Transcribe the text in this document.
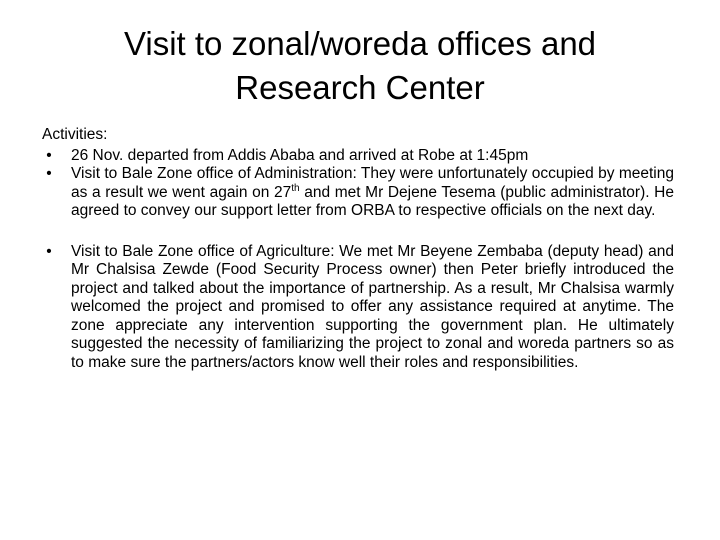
Visit to zonal/woreda offices and Research Center
Activities:
• 26 Nov. departed from Addis Ababa and arrived at Robe at 1:45pm
• Visit to Bale Zone office of Administration: They were unfortunately occupied by meeting as a result we went again on 27th and met Mr Dejene Tesema (public administrator). He agreed to convey our support letter from ORBA to respective officials on the next day.
• Visit to Bale Zone office of Agriculture: We met Mr Beyene Zembaba (deputy head) and Mr Chalsisa Zewde (Food Security Process owner) then Peter briefly introduced the project and talked about the importance of partnership. As a result, Mr Chalsisa warmly welcomed the project and promised to offer any assistance required at anytime. The zone appreciate any intervention supporting the government plan. He ultimately suggested the necessity of familiarizing the project to zonal and woreda partners so as to make sure the partners/actors know well their roles and responsibilities.
